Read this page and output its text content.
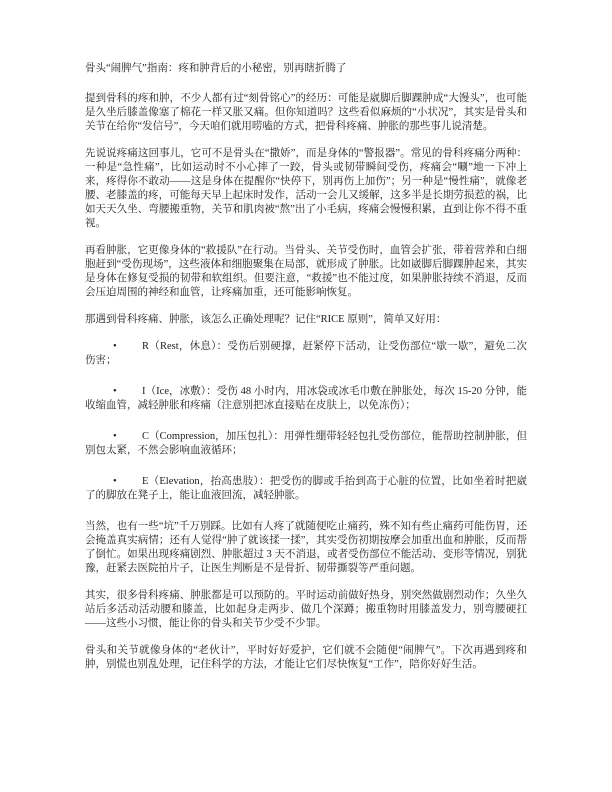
骨头“闹脾气”指南：疼和肿背后的小秘密，别再瞎折腾了

提到骨科的疼和肿，不少人都有过“刻骨铭心”的经历：可能是崴脚后脚踝肿成“大馒头”，也可能是久坐后膝盖像塞了棉花一样又胀又痛。但你知道吗？这些看似麻烦的“小状况”，其实是骨头和关节在给你“发信号”，今天咱们就用唠嗑的方式，把骨科疼痛、肿胀的那些事儿说清楚。

先说说疼痛这回事儿，它可不是骨头在“撒娇”，而是身体的“警报器”。常见的骨科疼痛分两种：一种是“急性痛”，比如运动时不小心摔了一跤，骨头或韧带瞬间受伤，疼痛会“唰”地一下冲上来，疼得你不敢动——这是身体在提醒你“快停下，别再伤上加伤”；另一种是“慢性痛”，就像老腰、老膝盖的疼，可能每天早上起床时发作，活动一会儿又缓解，这多半是长期劳损惹的祸，比如天天久坐、弯腰搬重物，关节和肌肉被“熬”出了小毛病，疼痛会慢慢积累，直到让你不得不重视。

再看肿胀，它更像身体的“救援队”在行动。当骨头、关节受伤时，血管会扩张，带着营养和白细胞赶到“受伤现场”，这些液体和细胞聚集在局部，就形成了肿胀。比如崴脚后脚踝肿起来，其实是身体在修复受损的韧带和软组织。但要注意，“救援”也不能过度，如果肿胀持续不消退，反而会压迫周围的神经和血管，让疼痛加重，还可能影响恢复。

那遇到骨科疼痛、肿胀，该怎么正确处理呢？记住“RICE 原则”，简单又好用：

• R（Rest，休息）：受伤后别硬撑，赶紧停下活动，让受伤部位“歇一歇”，避免二次伤害；

• I（Ice，冰敷）：受伤 48 小时内，用冰袋或冰毛巾敷在肿胀处，每次 15-20 分钟，能收缩血管，减轻肿胀和疼痛（注意别把冰直接贴在皮肤上，以免冻伤）；

• C（Compression，加压包扎）：用弹性绷带轻轻包扎受伤部位，能帮助控制肿胀，但别包太紧，不然会影响血液循环；

• E（Elevation，抬高患肢）：把受伤的脚或手抬到高于心脏的位置，比如坐着时把崴了的脚放在凳子上，能让血液回流，减轻肿胀。

当然，也有一些“坑”千万别踩。比如有人疼了就随便吃止痛药，殊不知有些止痛药可能伤胃，还会掩盖真实病情；还有人觉得“肿了就该揉一揉”，其实受伤初期按摩会加重出血和肿胀，反而帮了倒忙。如果出现疼痛剧烈、肿胀超过 3 天不消退，或者受伤部位不能活动、变形等情况，别犹豫，赶紧去医院拍片子，让医生判断是不是骨折、韧带撕裂等严重问题。

其实，很多骨科疼痛、肿胀都是可以预防的。平时运动前做好热身，别突然做剧烈动作；久坐久站后多活动活动腰和膝盖，比如起身走两步、做几个深蹲；搬重物时用膝盖发力，别弯腰硬扛——这些小习惯，能让你的骨头和关节少受不少罪。

骨头和关节就像身体的“老伙计”，平时好好爱护，它们就不会随便“闹脾气”。下次再遇到疼和肿，别慌也别乱处理，记住科学的方法，才能让它们尽快恢复“工作”，陪你好好生活。
